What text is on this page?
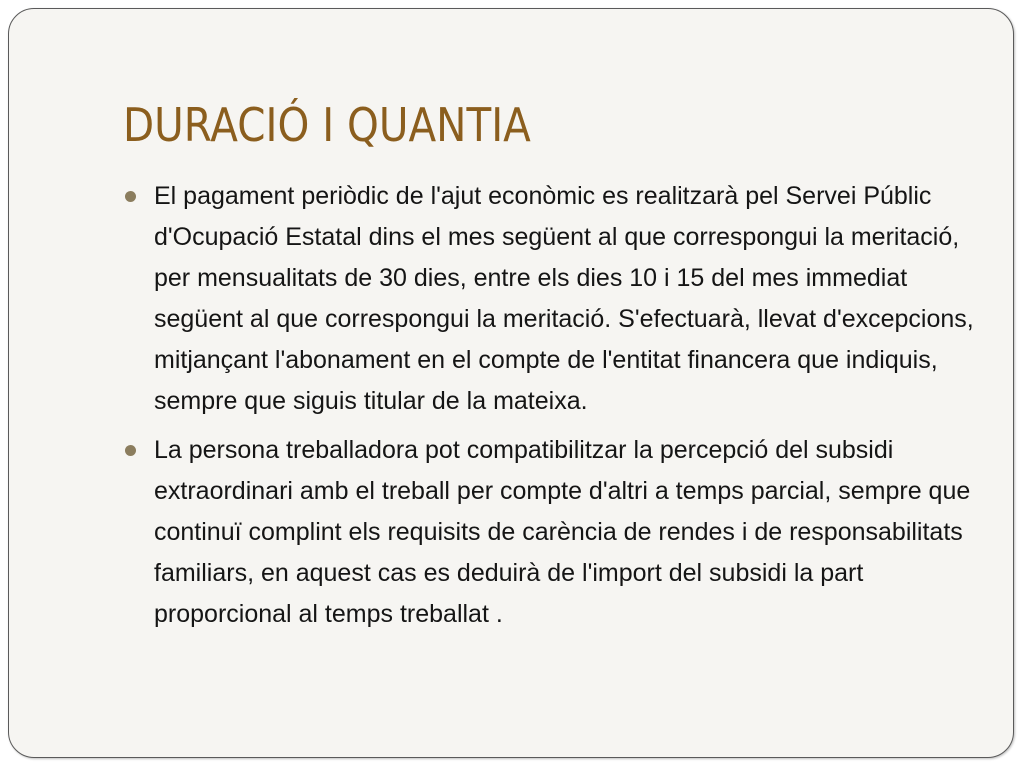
DURACIÓ I QUANTIA
El pagament periòdic de l'ajut econòmic es realitzarà pel Servei Públic d'Ocupació Estatal dins el mes següent al que correspongui la meritació, per mensualitats de 30 dies, entre els dies 10 i 15 del mes immediat següent al que correspongui la meritació. S'efectuarà, llevat d'excepcions, mitjançant l'abonament en el compte de l'entitat financera que indiquis, sempre que siguis titular de la mateixa.
La persona treballadora pot compatibilitzar la percepció del subsidi extraordinari amb el treball per compte d'altri a temps parcial, sempre que continuï complint els requisits de carència de rendes i de responsabilitats familiars, en aquest cas es deduirà de l'import del subsidi la part proporcional al temps treballat .
